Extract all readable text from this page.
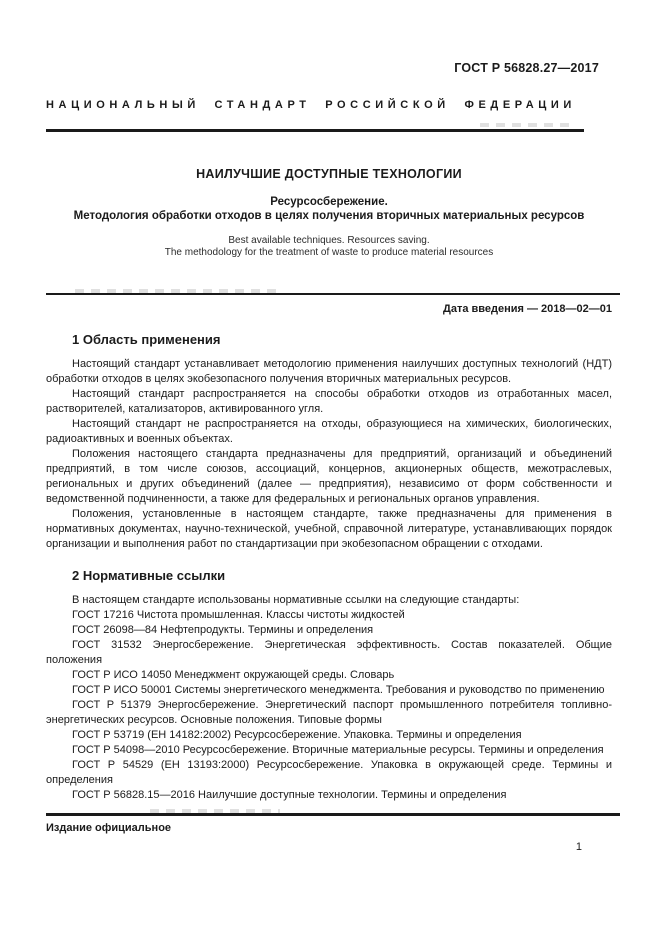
ГОСТ Р 56828.27—2017
НАЦИОНАЛЬНЫЙ СТАНДАРТ РОССИЙСКОЙ ФЕДЕРАЦИИ
НАИЛУЧШИЕ ДОСТУПНЫЕ ТЕХНОЛОГИИ
Ресурсосбережение.
Методология обработки отходов в целях получения вторичных материальных ресурсов
Best available techniques. Resources saving.
The methodology for the treatment of waste to produce material resources
Дата введения — 2018—02—01
1 Область применения

Настоящий стандарт устанавливает методологию применения наилучших доступных технологий (НДТ) обработки отходов в целях экобезопасного получения вторичных материальных ресурсов.

Настоящий стандарт распространяется на способы обработки отходов из отработанных масел, растворителей, катализаторов, активированного угля.

Настоящий стандарт не распространяется на отходы, образующиеся на химических, биологических, радиоактивных и военных объектах.

Положения настоящего стандарта предназначены для предприятий, организаций и объединений предприятий, в том числе союзов, ассоциаций, концернов, акционерных обществ, межотраслевых, региональных и других объединений (далее — предприятия), независимо от форм собственности и ведомственной подчиненности, а также для федеральных и региональных органов управления.

Положения, установленные в настоящем стандарте, также предназначены для применения в нормативных документах, научно-технической, учебной, справочной литературе, устанавливающих порядок организации и выполнения работ по стандартизации при экобезопасном обращении с отходами.

2 Нормативные ссылки

В настоящем стандарте использованы нормативные ссылки на следующие стандарты:

ГОСТ 17216 Чистота промышленная. Классы чистоты жидкостей

ГОСТ 26098—84 Нефтепродукты. Термины и определения

ГОСТ 31532 Энергосбережение. Энергетическая эффективность. Состав показателей. Общие положения

ГОСТ Р ИСО 14050 Менеджмент окружающей среды. Словарь

ГОСТ Р ИСО 50001 Системы энергетического менеджмента. Требования и руководство по применению

ГОСТ Р 51379 Энергосбережение. Энергетический паспорт промышленного потребителя топливно-энергетических ресурсов. Основные положения. Типовые формы

ГОСТ Р 53719 (ЕН 14182:2002) Ресурсосбережение. Упаковка. Термины и определения

ГОСТ Р 54098—2010 Ресурсосбережение. Вторичные материальные ресурсы. Термины и определения

ГОСТ Р 54529 (ЕН 13193:2000) Ресурсосбережение. Упаковка в окружающей среде. Термины и определения

ГОСТ Р 56828.15—2016 Наилучшие доступные технологии. Термины и определения

Издание официальное
1
